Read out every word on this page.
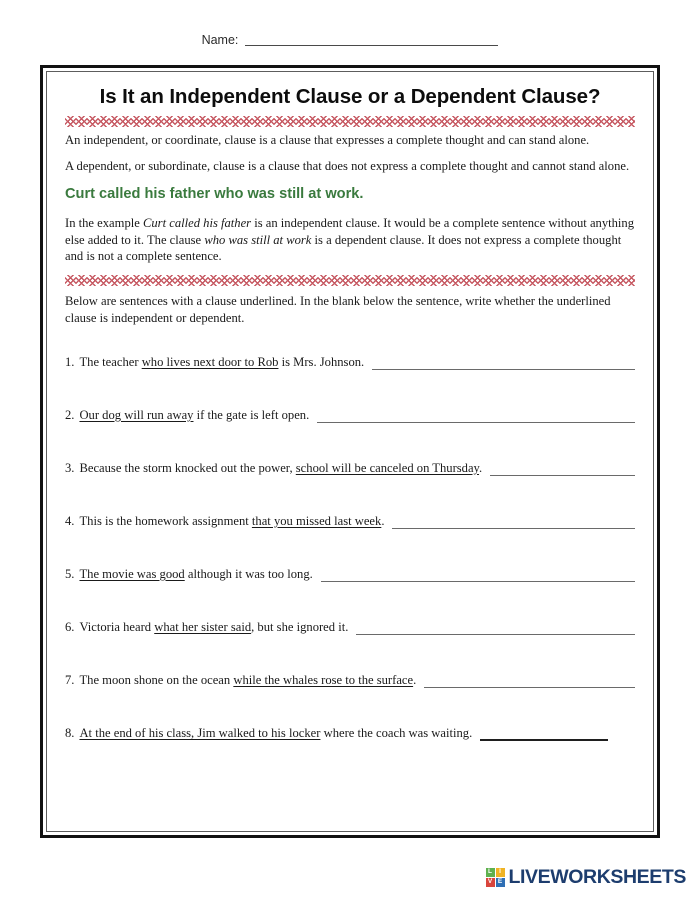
Name:
Is It an Independent Clause or a Dependent Clause?

An independent, or coordinate, clause is a clause that expresses a complete thought and can stand alone.

A dependent, or subordinate, clause is a clause that does not express a complete thought and cannot stand alone.

Curt called his father who was still at work.

In the example Curt called his father is an independent clause. It would be a complete sentence without anything else added to it. The clause who was still at work is a dependent clause. It does not express a complete thought and is not a complete sentence.

Below are sentences with a clause underlined. In the blank below the sentence, write whether the underlined clause is independent or dependent.

1. The teacher who lives next door to Rob is Mrs. Johnson.
2. Our dog will run away if the gate is left open.
3. Because the storm knocked out the power, school will be canceled on Thursday.
4. This is the homework assignment that you missed last week.
5. The movie was good although it was too long.
6. Victoria heard what her sister said, but she ignored it.
7. The moon shone on the ocean while the whales rose to the surface.
8. At the end of his class, Jim walked to his locker where the coach was waiting.
L	I
V E LIVEWORKSHEETS
